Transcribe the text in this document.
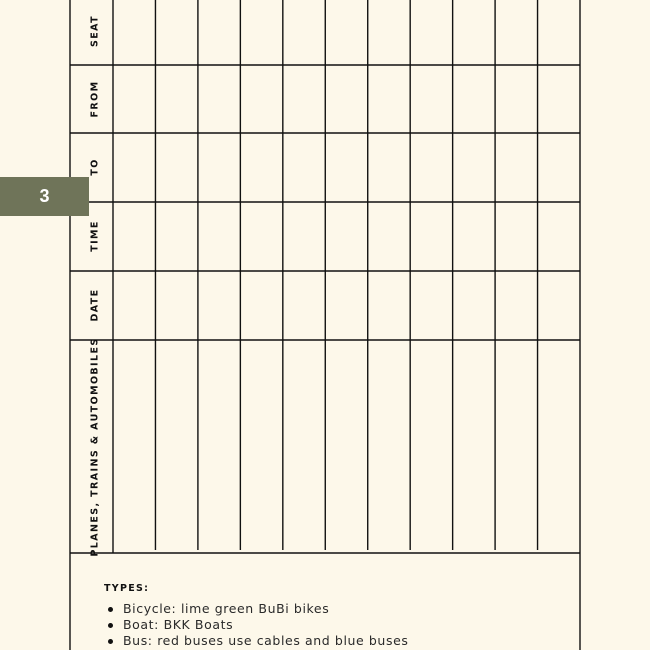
3
SEAT
FROM
TO
TIME
DATE
PLANES, TRAINS & AUTOMOBILES
TYPES:
Bicycle: lime green BuBi bikes
Boat: BKK Boats
Bus: red buses use cables and blue buses
